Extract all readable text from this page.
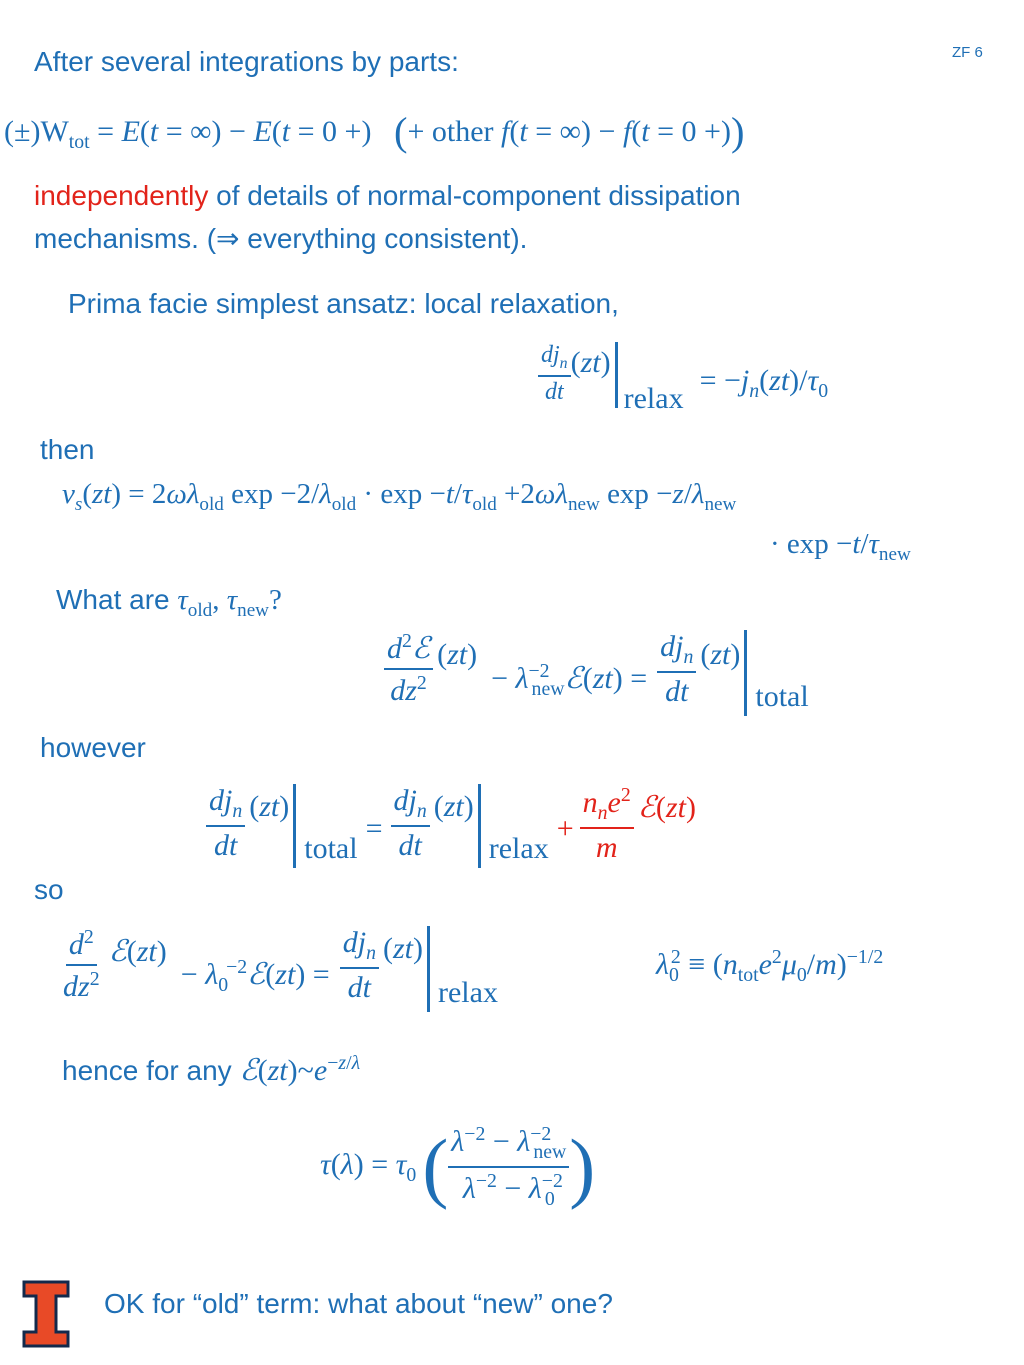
ZF 6
After several integrations by parts:
$(\pm)W_{tot} = E(t$ = ∞) − E(t = 0 +)   (+ other f(t = ∞) − f(t = 0 +))
independently of details of normal-component dissipation
mechanisms. (⇒ everything consistent).
Prima facie simplest ansatz: local relaxation,
$\frac{dj_n}{dt} (zt)$
relax
= $-j_n(zt)/\tau_0$
then
$v_s(zt) = 2\omega\lambda_{old}$ $\exp -2/\lambda_{old} \cdot \exp -t/\tau_{old} +2\omega\lambda_{new}$ $\exp -z/\lambda_{new}$
· $\exp -t/\tau_{new}$
What are $\tau_{old}$, $\tau_{new}$?
$\frac{d^2ℰ}{dz^2} (zt)$
− $\lambda^{-2}_{new}ℰ(zt) = \frac{dj_n}{dt} (zt)$
total
however
$\frac{dj_n}{dt} (zt)$
total
= $\frac{dj_n}{dt} (zt)$
relax
+ $\frac{n_ne^2}{m}$ ℰ(zt)
so
$\frac{d^2}{dz^2}$ ℰ(zt)
− $\lambda_0^{-2}ℰ(zt) = \frac{dj_n}{dt} (zt)$
relax
$\lambda_0^2 \equiv (n_{tot}e^2\mu_0/m)^{-1/2}$
hence for any $ℰ(zt)\sim e^{-z/\lambda}$
$\tau(\lambda) = \tau_0$ ( $\frac{\lambda^{-2} - \lambda^{-2}_{new}}{\lambda^{-2} - \lambda^{-2}_0}$ )
OK for “old” term: what about “new” one?
